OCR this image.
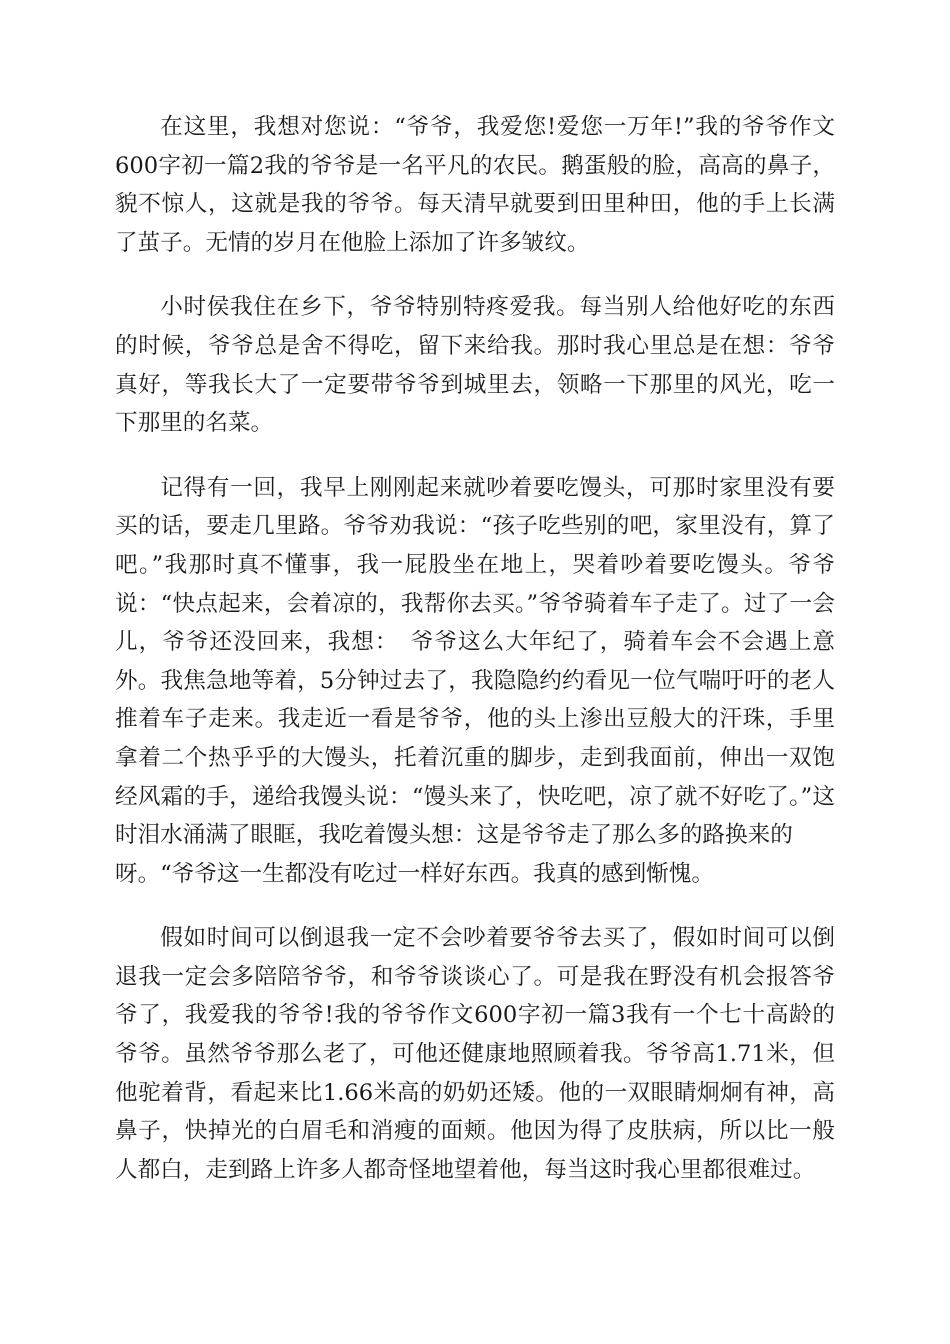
在这里，我想对您说：“爷爷，我爱您!爱您一万年!”我的爷爷作文600字初一篇2我的爷爷是一名平凡的农民。鹅蛋般的脸，高高的鼻子，貌不惊人，这就是我的爷爷。每天清早就要到田里种田，他的手上长满了茧子。无情的岁月在他脸上添加了许多皱纹。

小时侯我住在乡下，爷爷特别特疼爱我。每当别人给他好吃的东西的时候，爷爷总是舍不得吃，留下来给我。那时我心里总是在想：爷爷真好，等我长大了一定要带爷爷到城里去，领略一下那里的风光，吃一下那里的名菜。

记得有一回，我早上刚刚起来就吵着要吃馒头，可那时家里没有要买的话，要走几里路。爷爷劝我说：“孩子吃些别的吧，家里没有，算了吧。”我那时真不懂事，我一屁股坐在地上，哭着吵着要吃馒头。爷爷说：“快点起来，会着凉的，我帮你去买。”爷爷骑着车子走了。过了一会儿，爷爷还没回来，我想：　爷爷这么大年纪了，骑着车会不会遇上意外。我焦急地等着，5分钟过去了，我隐隐约约看见一位气喘吁吁的老人推着车子走来。我走近一看是爷爷，他的头上渗出豆般大的汗珠，手里拿着二个热乎乎的大馒头，托着沉重的脚步，走到我面前，伸出一双饱经风霜的手，递给我馒头说：“馒头来了，快吃吧，凉了就不好吃了。”这时泪水涌满了眼眶，我吃着馒头想：这是爷爷走了那么多的路换来的
呀。“爷爷这一生都没有吃过一样好东西。我真的感到惭愧。

假如时间可以倒退我一定不会吵着要爷爷去买了，假如时间可以倒退我一定会多陪陪爷爷，和爷爷谈谈心了。可是我在野没有机会报答爷爷了，我爱我的爷爷!我的爷爷作文600字初一篇3我有一个七十高龄的爷爷。虽然爷爷那么老了，可他还健康地照顾着我。爷爷高1.71米，但他驼着背，看起来比1.66米高的奶奶还矮。他的一双眼睛炯炯有神，高鼻子，快掉光的白眉毛和消瘦的面颊。他因为得了皮肤病，所以比一般人都白，走到路上许多人都奇怪地望着他，每当这时我心里都很难过。
